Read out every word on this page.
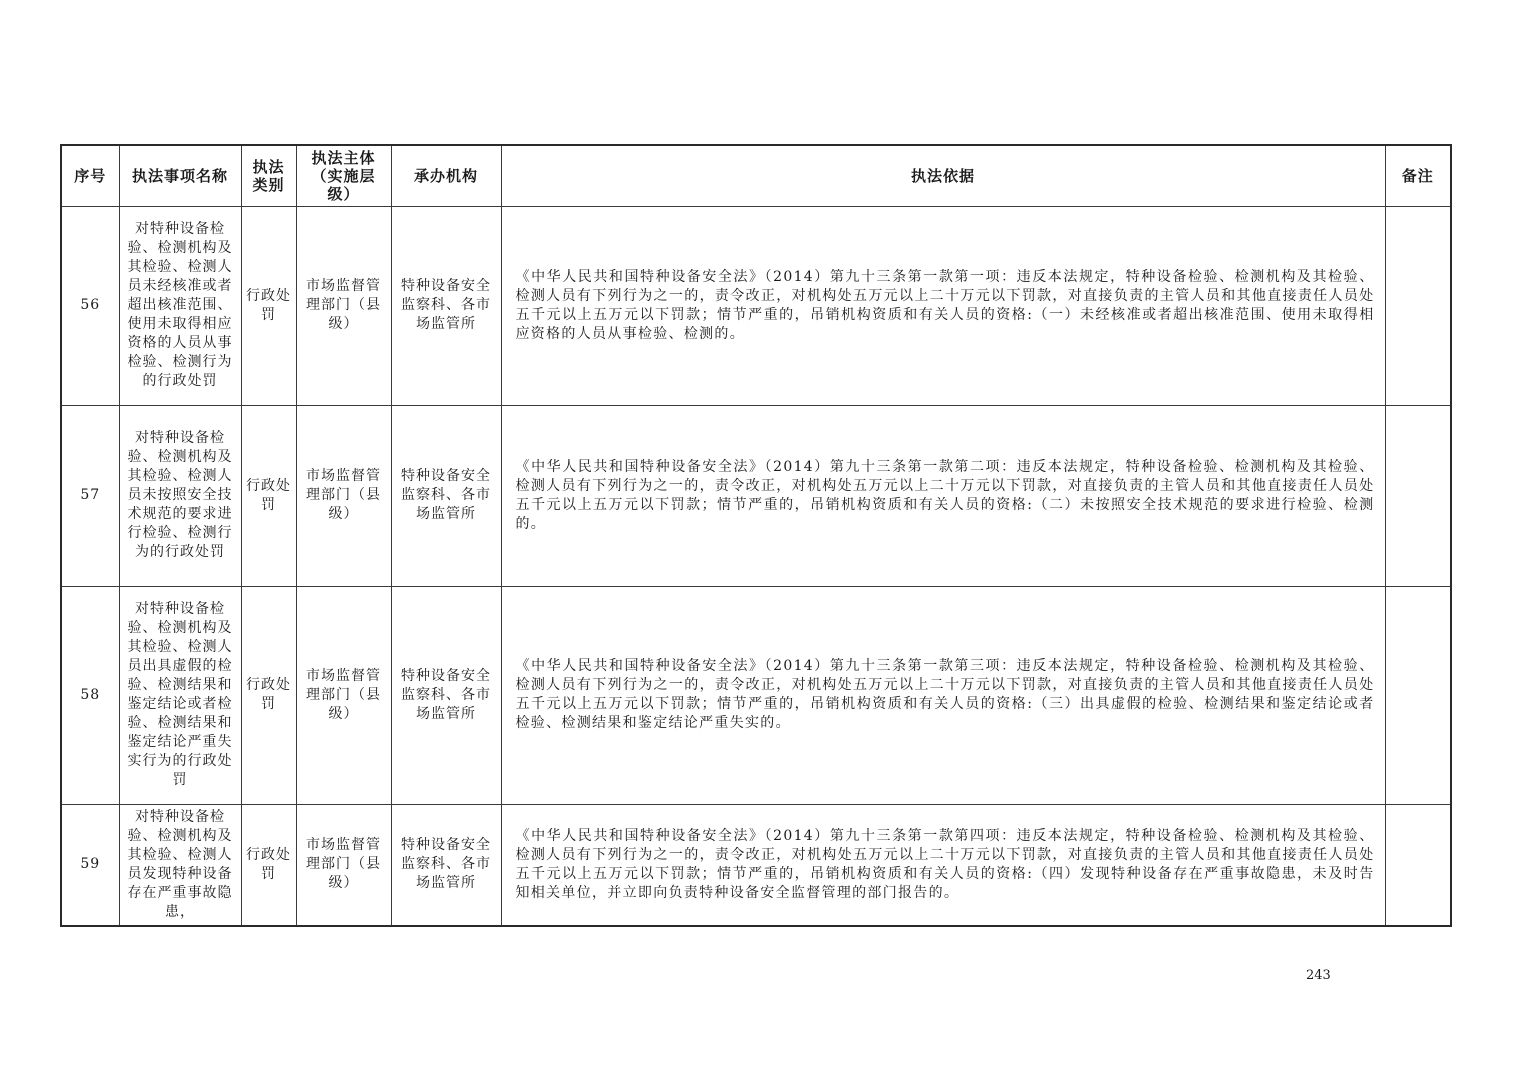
序号	执法事项名称	执法类别	执法主体（实施层级）	承办机构	执法依据	备注
56	对特种设备检验、检测机构及其检验、检测人员未经核准或者超出核准范围、使用未取得相应资格的人员从事检验、检测行为的行政处罚	行政处罚	市场监督管理部门（县级）	特种设备安全监察科、各市场监管所	《中华人民共和国特种设备安全法》（2014）第九十三条第一款第一项：违反本法规定，特种设备检验、检测机构及其检验、检测人员有下列行为之一的，责令改正，对机构处五万元以上二十万元以下罚款，对直接负责的主管人员和其他直接责任人员处五千元以上五万元以下罚款；情节严重的，吊销机构资质和有关人员的资格:（一）未经核准或者超出核准范围、使用未取得相应资格的人员从事检验、检测的。	
57	对特种设备检验、检测机构及其检验、检测人员未按照安全技术规范的要求进行检验、检测行为的行政处罚	行政处罚	市场监督管理部门（县级）	特种设备安全监察科、各市场监管所	《中华人民共和国特种设备安全法》（2014）第九十三条第一款第二项：违反本法规定，特种设备检验、检测机构及其检验、检测人员有下列行为之一的，责令改正，对机构处五万元以上二十万元以下罚款，对直接负责的主管人员和其他直接责任人员处五千元以上五万元以下罚款；情节严重的，吊销机构资质和有关人员的资格:（二）未按照安全技术规范的要求进行检验、检测的。	
58	对特种设备检验、检测机构及其检验、检测人员出具虚假的检验、检测结果和鉴定结论或者检验、检测结果和鉴定结论严重失实行为的行政处罚	行政处罚	市场监督管理部门（县级）	特种设备安全监察科、各市场监管所	《中华人民共和国特种设备安全法》（2014）第九十三条第一款第三项：违反本法规定，特种设备检验、检测机构及其检验、检测人员有下列行为之一的，责令改正，对机构处五万元以上二十万元以下罚款，对直接负责的主管人员和其他直接责任人员处五千元以上五万元以下罚款；情节严重的，吊销机构资质和有关人员的资格:（三）出具虚假的检验、检测结果和鉴定结论或者检验、检测结果和鉴定结论严重失实的。	
59	对特种设备检验、检测机构及其检验、检测人员发现特种设备存在严重事故隐患，	行政处罚	市场监督管理部门（县级）	特种设备安全监察科、各市场监管所	《中华人民共和国特种设备安全法》（2014）第九十三条第一款第四项：违反本法规定，特种设备检验、检测机构及其检验、检测人员有下列行为之一的，责令改正，对机构处五万元以上二十万元以下罚款，对直接负责的主管人员和其他直接责任人员处五千元以上五万元以下罚款；情节严重的，吊销机构资质和有关人员的资格:（四）发现特种设备存在严重事故隐患，未及时告知相关单位，并立即向负责特种设备安全监督管理的部门报告的。	
243
